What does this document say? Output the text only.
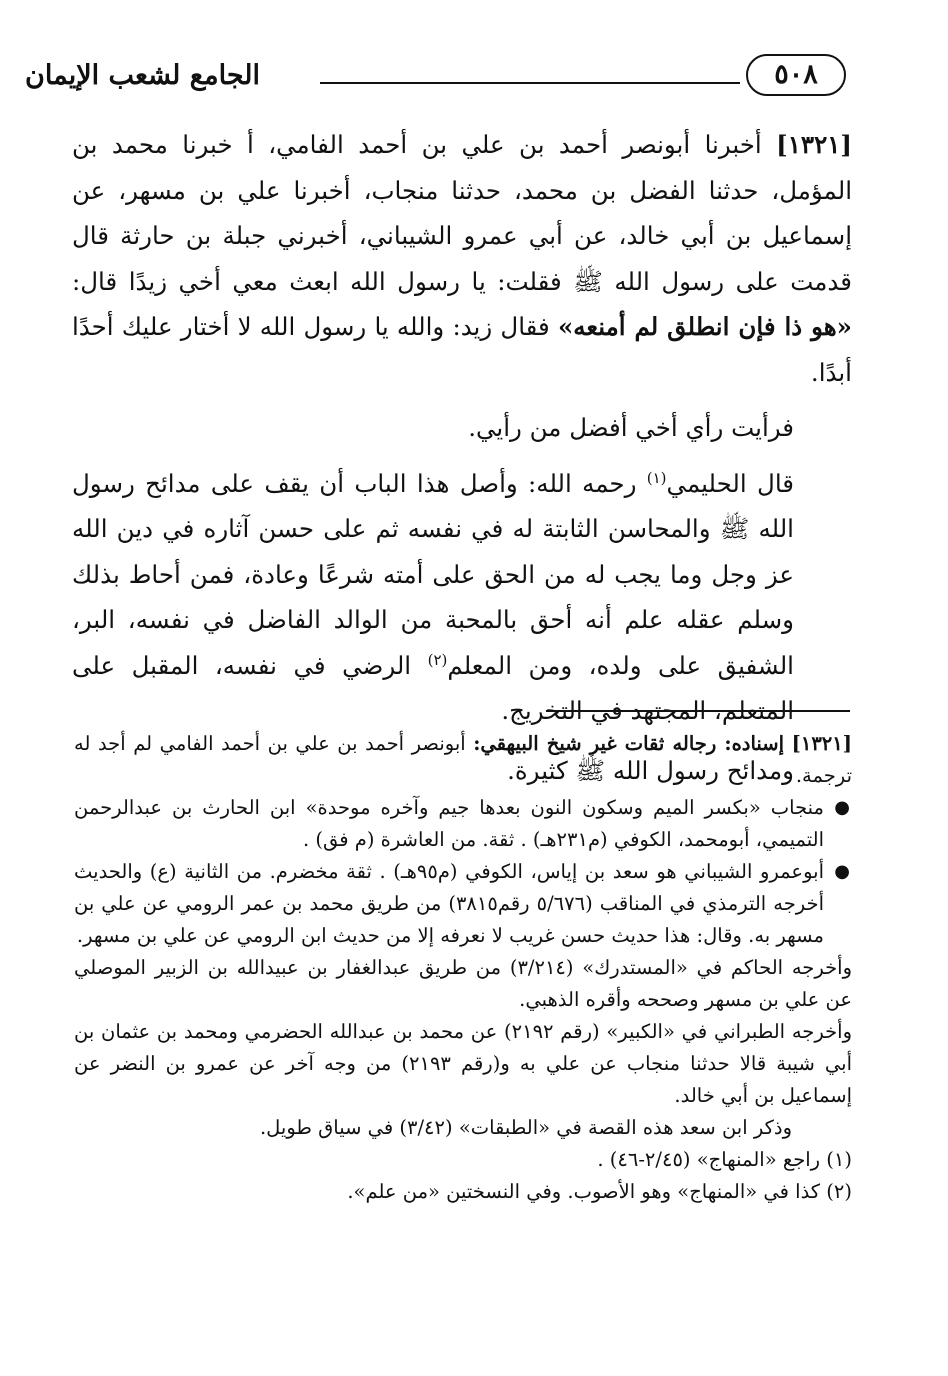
٥٠٨
الجامع لشعب الإيمان

[١٣٢١] أخبرنا أبونصر أحمد بن علي بن أحمد الفامي، أ خبرنا محمد بن المؤمل، حدثنا الفضل بن محمد، حدثنا منجاب، أخبرنا علي بن مسهر، عن إسماعيل بن أبي خالد، عن أبي عمرو الشيباني، أخبرني جبلة بن حارثة قال قدمت على رسول الله ﷺ فقلت: يا رسول الله ابعث معي أخي زيدًا قال: «هو ذا فإن انطلق لم أمنعه» فقال زيد: والله يا رسول الله لا أختار عليك أحدًا أبدًا.

فرأيت رأي أخي أفضل من رأيي.

قال الحليمي$^{(١)}$ رحمه الله: وأصل هذا الباب أن يقف على مدائح رسول الله ﷺ والمحاسن الثابتة له في نفسه ثم على حسن آثاره في دين الله عز وجل وما يجب له من الحق على أمته شرعًا وعادة، فمن أحاط بذلك وسلم عقله علم أنه أحق بالمحبة من الوالد الفاضل في نفسه، البر، الشفيق على ولده، ومن المعلم$^{(٢)}$ الرضي في نفسه، المقبل على المتعلم، المجتهد في التخريج.

ومدائح رسول الله ﷺ كثيرة.

[١٣٢١] إسناده: رجاله ثقات غير شيخ البيهقي: أبونصر أحمد بن علي بن أحمد الفامي لم أجد له ترجمة.

●
منجاب «بكسر الميم وسكون النون بعدها جيم وآخره موحدة» ابن الحارث بن عبدالرحمن التميمي، أبومحمد، الكوفي (م٢٣١هـ) . ثقة. من العاشرة (م فق) .

●
أبوعمرو الشيباني هو سعد بن إياس، الكوفي (م٩٥هـ) . ثقة مخضرم. من الثانية (ع) والحديث أخرجه الترمذي في المناقب (٥/٦٧٦ رقم٣٨١٥) من طريق محمد بن عمر الرومي عن علي بن مسهر به. وقال: هذا حديث حسن غريب لا نعرفه إلا من حديث ابن الرومي عن علي بن مسهر.

وأخرجه الحاكم في «المستدرك» (٣/٢١٤) من طريق عبدالغفار بن عبيدالله بن الزبير الموصلي عن علي بن مسهر وصححه وأقره الذهبي.

وأخرجه الطبراني في «الكبير» (رقم ٢١٩٢) عن محمد بن عبدالله الحضرمي ومحمد بن عثمان بن أبي شيبة قالا حدثنا منجاب عن علي به و(رقم ٢١٩٣) من وجه آخر عن عمرو بن النضر عن إسماعيل بن أبي خالد.

وذكر ابن سعد هذه القصة في «الطبقات» (٣/٤٢) في سياق طويل.

(١) راجع «المنهاج» (٢/٤٥-٤٦) .

(٢) كذا في «المنهاج» وهو الأصوب. وفي النسختين «من علم».
